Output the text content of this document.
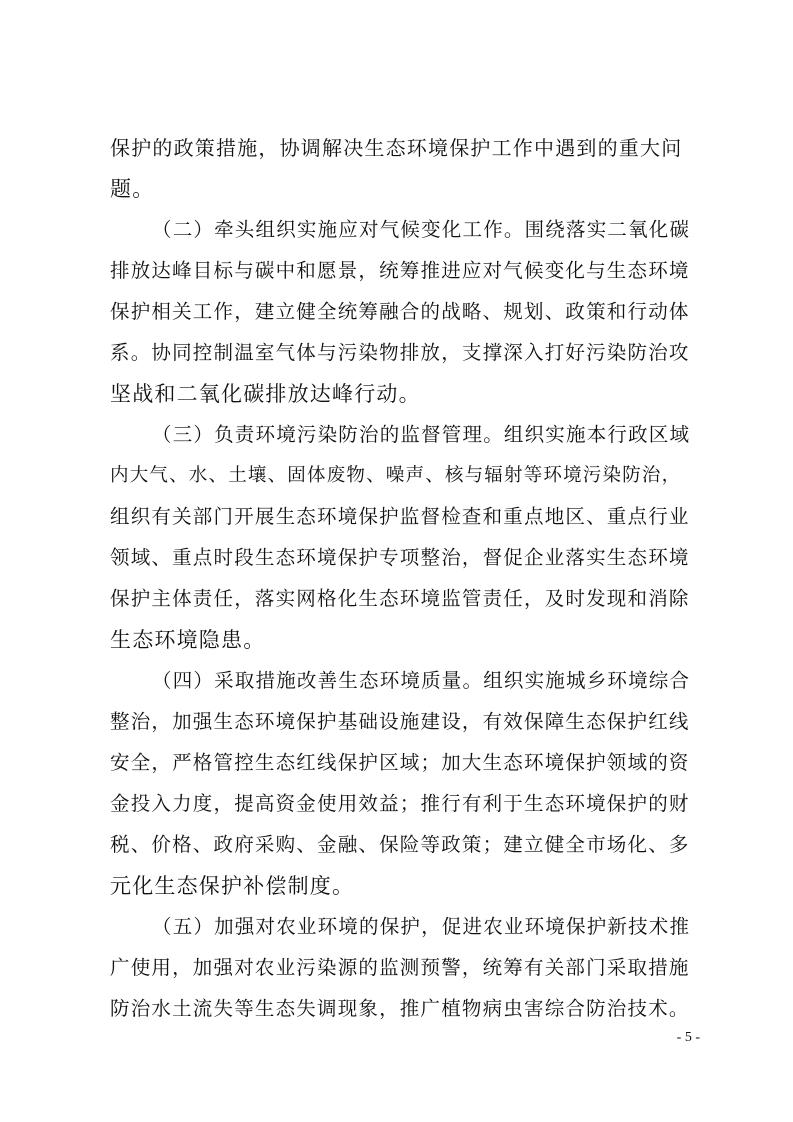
保护的政策措施，协调解决生态环境保护工作中遇到的重大问
题。
（二）牵头组织实施应对气候变化工作。围绕落实二氧化碳
排放达峰目标与碳中和愿景，统筹推进应对气候变化与生态环境
保护相关工作，建立健全统筹融合的战略、规划、政策和行动体
系。协同控制温室气体与污染物排放，支撑深入打好污染防治攻
坚战和二氧化碳排放达峰行动。
（三）负责环境污染防治的监督管理。组织实施本行政区域
内大气、水、土壤、固体废物、噪声、核与辐射等环境污染防治，
组织有关部门开展生态环境保护监督检查和重点地区、重点行业
领域、重点时段生态环境保护专项整治，督促企业落实生态环境
保护主体责任，落实网格化生态环境监管责任，及时发现和消除
生态环境隐患。
（四）采取措施改善生态环境质量。组织实施城乡环境综合
整治，加强生态环境保护基础设施建设，有效保障生态保护红线
安全，严格管控生态红线保护区域；加大生态环境保护领域的资
金投入力度，提高资金使用效益；推行有利于生态环境保护的财
税、价格、政府采购、金融、保险等政策；建立健全市场化、多
元化生态保护补偿制度。
（五）加强对农业环境的保护，促进农业环境保护新技术推
广使用，加强对农业污染源的监测预警，统筹有关部门采取措施
防治水土流失等生态失调现象，推广植物病虫害综合防治技术。
- 5 -
